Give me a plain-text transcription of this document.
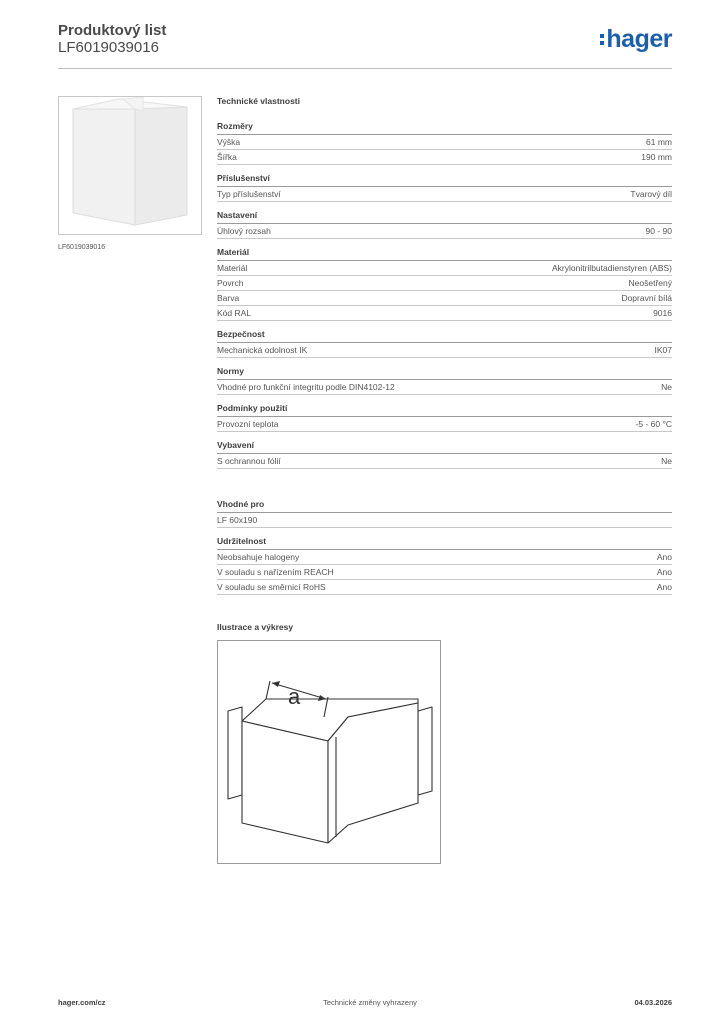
Produktový list
LF6019039016	hager
LF6019039016
Technické vlastnosti
Rozměry
Výška	61 mm
Šířka	190 mm
Příslušenství
Typ příslušenství	Tvarový díl
Nastavení
Úhlový rozsah	90 - 90
Materiál
Materiál	Akrylonitrilbutadienstyren (ABS)
Povrch	Neošetřený
Barva	Dopravní bílá
Kód RAL	9016
Bezpečnost
Mechanická odolnost IK	IK07
Normy
Vhodné pro funkční integritu podle DIN4102-12	Ne
Podmínky použití
Provozní teplota	-5 - 60 °C
Vybavení
S ochrannou fólií	Ne
Vhodné pro
LF 60x190
Udržitelnost
Neobsahuje halogeny	Ano
V souladu s nařízením REACH	Ano
V souladu se směrnicí RoHS	Ano
Ilustrace a výkresy
a
hager.com/cz	Technické změny vyhrazeny	04.03.2026
